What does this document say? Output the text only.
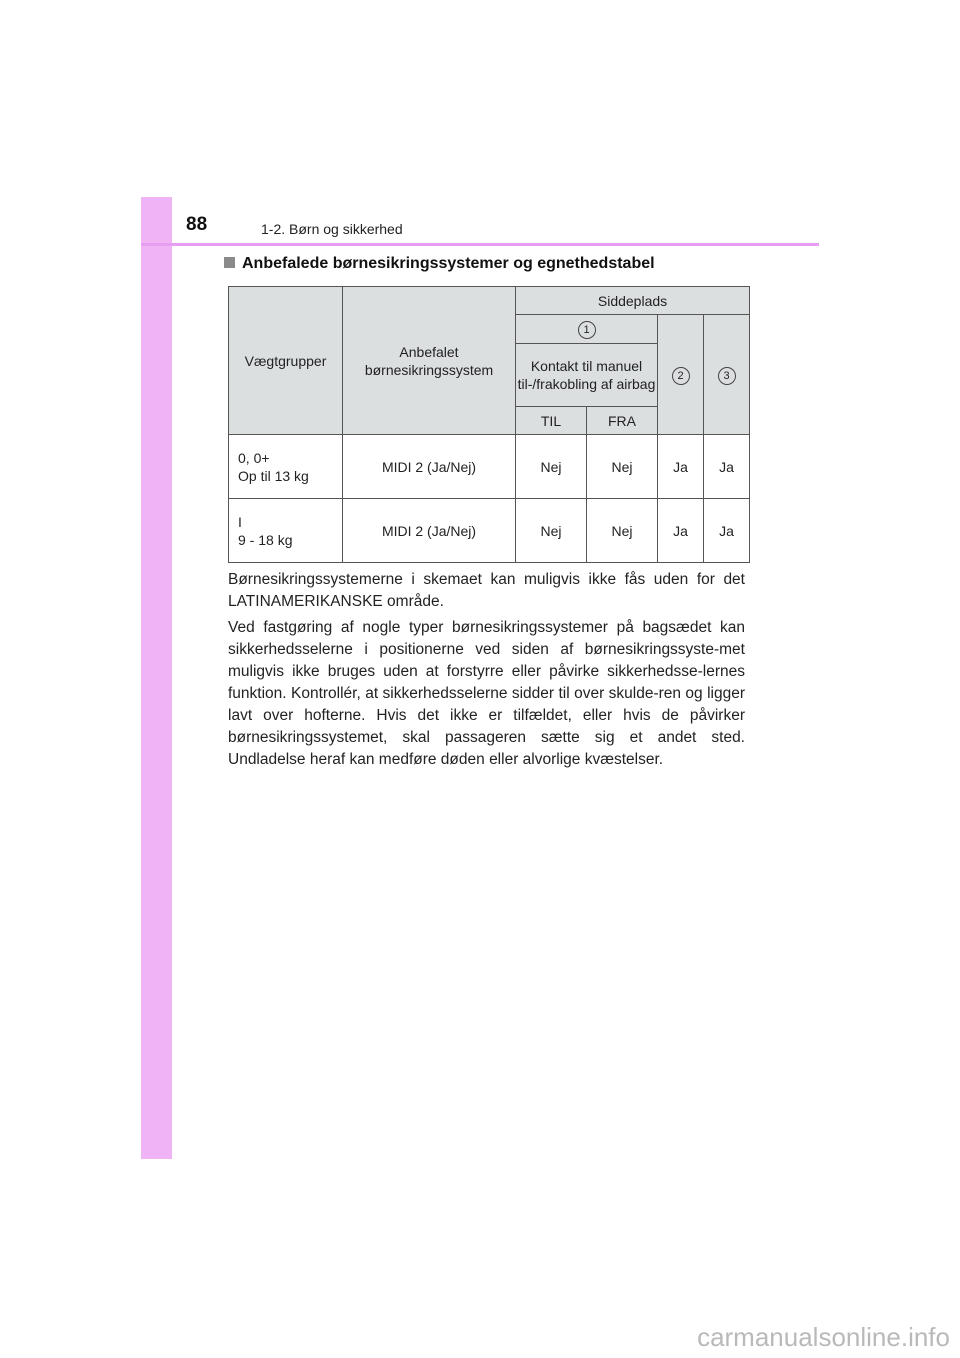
88	1-2. Børn og sikkerhed
Anbefalede børnesikringssystemer og egnethedstabel
Vægtgrupper	Anbefalet børnesikringssystem	Siddeplads			
		1		2	3
		Kontakt til manuel til-/frakobling af airbag			
		TIL	FRA		
0, 0+
Op til 13 kg	MIDI 2 (Ja/Nej)	Nej	Nej	Ja	Ja
I
9 - 18 kg	MIDI 2 (Ja/Nej)	Nej	Nej	Ja	Ja

Børnesikringssystemerne i skemaet kan muligvis ikke fås uden for det LATINAMERIKANSKE område.

Ved fastgøring af nogle typer børnesikringssystemer på bagsædet kan sikkerhedsselerne i positionerne ved siden af børnesikringssyste-met muligvis ikke bruges uden at forstyrre eller påvirke sikkerhedsse-lernes funktion. Kontrollér, at sikkerhedsselerne sidder til over skulde-ren og ligger lavt over hofterne. Hvis det ikke er tilfældet, eller hvis de påvirker børnesikringssystemet, skal passageren sætte sig et andet sted. Undladelse heraf kan medføre døden eller alvorlige kvæstelser.

carmanualsonline.info
